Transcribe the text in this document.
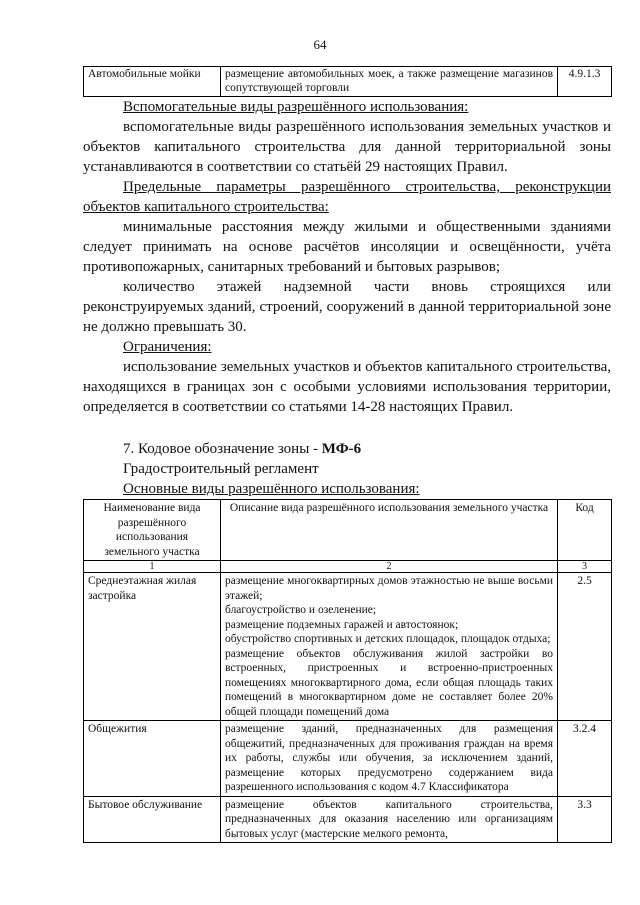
64
Автомобильные мойки	размещение автомобильных моек, а также размещение магазинов сопутствующей торговли	4.9.1.3

Вспомогательные виды разрешённого использования:

вспомогательные виды разрешённого использования земельных участков и объектов капитального строительства для данной территориальной зоны устанавливаются в соответствии со статьёй 29 настоящих Правил.

Предельные параметры разрешённого строительства, реконструкции объектов капитального строительства:

минимальные расстояния между жилыми и общественными зданиями следует принимать на основе расчётов инсоляции и освещённости, учёта противопожарных, санитарных требований и бытовых разрывов;

количество этажей надземной части вновь строящихся или реконструируемых зданий, строений, сооружений в данной территориальной зоне не должно превышать 30.

Ограничения:

использование земельных участков и объектов капитального строительства, находящихся в границах зон с особыми условиями использования территории, определяется в соответствии со статьями 14-28 настоящих Правил.

7. Кодовое обозначение зоны - МФ-6

Градостроительный регламент

Основные виды разрешённого использования:

Наименование вида разрешённого использования земельного участка	Описание вида разрешённого использования земельного участка	Код
1	2	3
Среднеэтажная жилая застройка	размещение многоквартирных домов этажностью не выше восьми этажей;
благоустройство и озеленение;
размещение подземных гаражей и автостоянок;
обустройство спортивных и детских площадок, площадок отдыха;
размещение объектов обслуживания жилой застройки во встроенных, пристроенных и встроенно-пристроенных помещениях многоквартирного дома, если общая площадь таких помещений в многоквартирном доме не составляет более 20% общей площади помещений дома	2.5
Общежития	размещение зданий, предназначенных для размещения общежитий, предназначенных для проживания граждан на время их работы, службы или обучения, за исключением зданий, размещение которых предусмотрено содержанием вида разрешенного использования с кодом 4.7 Классификатора	3.2.4
Бытовое обслуживание	размещение объектов капитального строительства, предназначенных для оказания населению или организациям бытовых услуг (мастерские мелкого ремонта,	3.3
